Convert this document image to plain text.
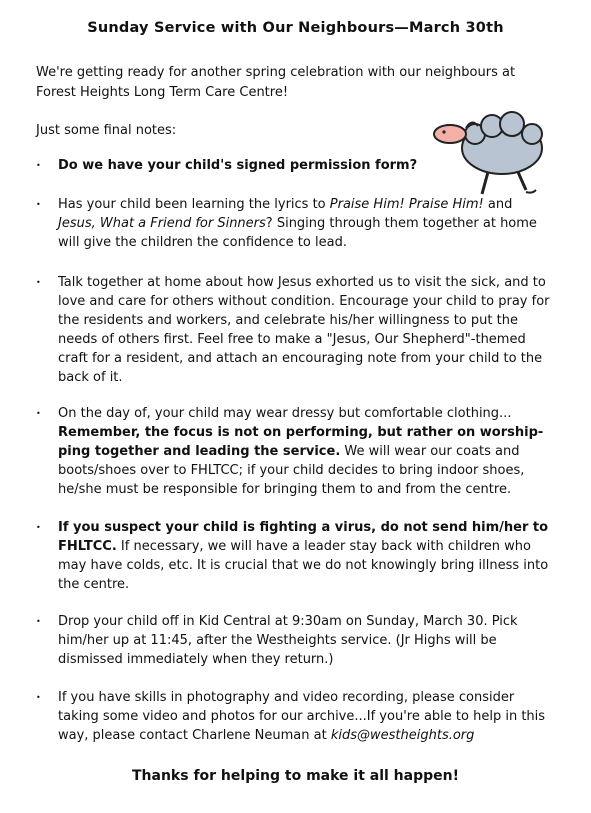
Sunday Service with Our Neighbours—March 30th
We're getting ready for another spring celebration with our neighbours at Forest Heights Long Term Care Centre!
Just some final notes:
• Do we have your child's signed permission form?
• Has your child been learning the lyrics to Praise Him! Praise Him! and Jesus, What a Friend for Sinners? Singing through them together at home will give the children the confidence to lead.
• Talk together at home about how Jesus exhorted us to visit the sick, and to love and care for others without condition. Encourage your child to pray for the residents and workers, and celebrate his/her willingness to put the needs of others first. Feel free to make a "Jesus, Our Shepherd"-themed craft for a resident, and attach an encouraging note from your child to the back of it.
• On the day of, your child may wear dressy but comfortable clothing... Remember, the focus is not on performing, but rather on worship-ping together and leading the service. We will wear our coats and boots/shoes over to FHLTCC; if your child decides to bring indoor shoes, he/she must be responsible for bringing them to and from the centre.
• If you suspect your child is fighting a virus, do not send him/her to FHLTCC. If necessary, we will have a leader stay back with children who may have colds, etc. It is crucial that we do not knowingly bring illness into the centre.
• Drop your child off in Kid Central at 9:30am on Sunday, March 30. Pick him/her up at 11:45, after the Westheights service. (Jr Highs will be dismissed immediately when they return.)
• If you have skills in photography and video recording, please consider taking some video and photos for our archive...If you're able to help in this way, please contact Charlene Neuman at kids@westheights.org
Thanks for helping to make it all happen!
